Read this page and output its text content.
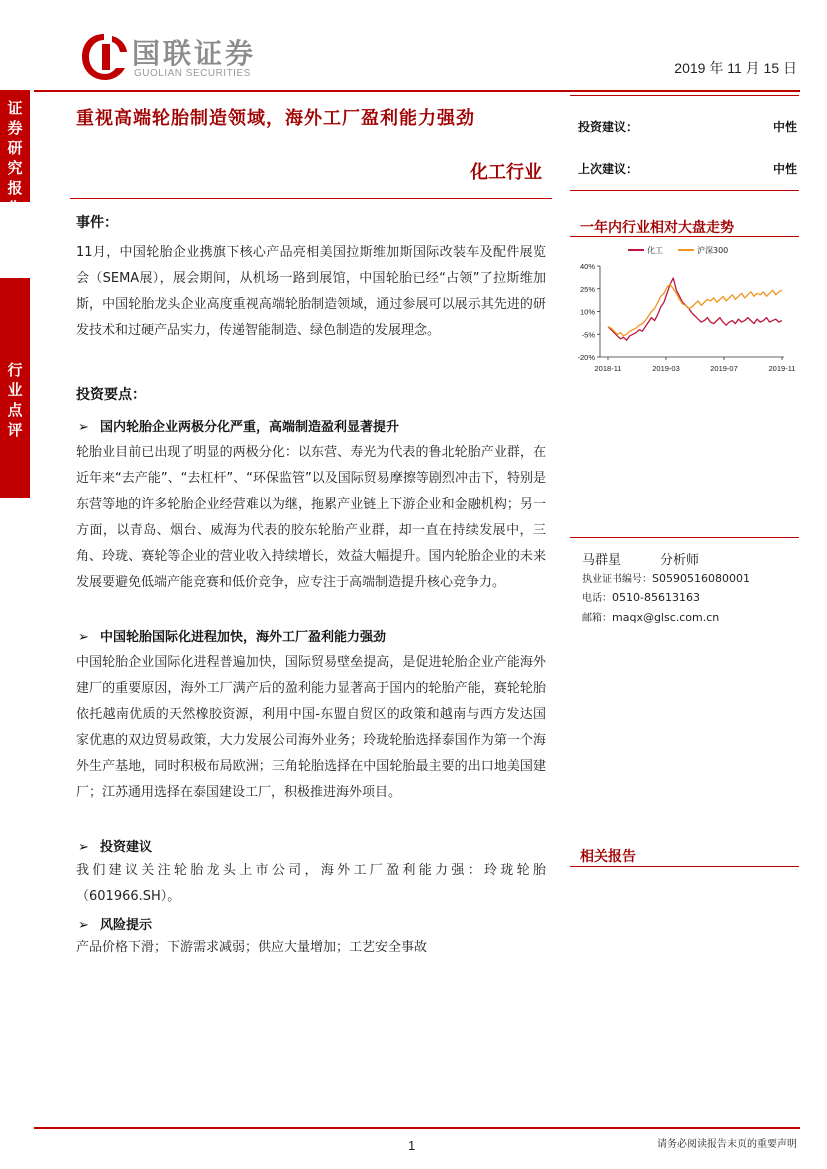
国联证券
GUOLIAN SECURITIES	2019 年 11 月 15 日
证
券
研
究
报
告
行
业
点
评
重视高端轮胎制造领域，海外工厂盈利能力强劲
化工行业
事件：
11月，中国轮胎企业携旗下核心产品亮相美国拉斯维加斯国际改装车及配件展览会（SEMA展），展会期间，从机场一路到展馆，中国轮胎已经“占领”了拉斯维加斯，中国轮胎龙头企业高度重视高端轮胎制造领域，通过参展可以展示其先进的研发技术和过硬产品实力，传递智能制造、绿色制造的发展理念。
投资要点：
➢ 国内轮胎企业两极分化严重，高端制造盈利显著提升
轮胎业目前已出现了明显的两极分化：以东营、寿光为代表的鲁北轮胎产业群，在近年来“去产能”、“去杠杆”、“环保监管”以及国际贸易摩擦等剧烈冲击下，特别是东营等地的许多轮胎企业经营难以为继，拖累产业链上下游企业和金融机构；另一方面，以青岛、烟台、威海为代表的胶东轮胎产业群，却一直在持续发展中，三角、玲珑、赛轮等企业的营业收入持续增长，效益大幅提升。国内轮胎企业的未来发展要避免低端产能竞赛和低价竞争，应专注于高端制造提升核心竞争力。
➢ 中国轮胎国际化进程加快，海外工厂盈利能力强劲
中国轮胎企业国际化进程普遍加快，国际贸易壁垒提高，是促进轮胎企业产能海外建厂的重要原因，海外工厂满产后的盈利能力显著高于国内的轮胎产能，赛轮轮胎依托越南优质的天然橡胶资源，利用中国-东盟自贸区的政策和越南与西方发达国家优惠的双边贸易政策，大力发展公司海外业务；玲珑轮胎选择泰国作为第一个海外生产基地，同时积极布局欧洲；三角轮胎选择在中国轮胎最主要的出口地美国建厂；江苏通用选择在泰国建设工厂，积极推进海外项目。
➢ 投资建议
我们建议关注轮胎龙头上市公司，海外工厂盈利能力强：玲珑轮胎（601966.SH）。
➢ 风险提示
产品价格下滑；下游需求减弱；供应大量增加；工艺安全事故
投资建议：	中性
上次建议：	中性
一年内行业相对大盘走势
化工	沪深300
40%
25%
10%
-5%
-20%
2018-11	2019-03	2019-07	2019-11
马群星	分析师
执业证书编号：S0590516080001
电话：0510-85613163
邮箱：maqx@glsc.com.cn
相关报告
1	请务必阅读报告末页的重要声明
